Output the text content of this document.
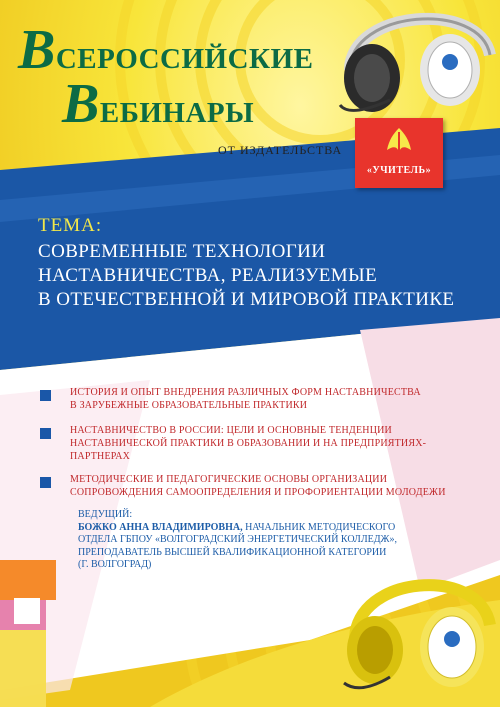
ВСЕРОССИЙСКИЕ
ВЕБИНАРЫ
ОТ ИЗДАТЕЛЬСТВА
«УЧИТЕЛЬ»
ТЕМА:
СОВРЕМЕННЫЕ ТЕХНОЛОГИИ
НАСТАВНИЧЕСТВА, РЕАЛИЗУЕМЫЕ
В ОТЕЧЕСТВЕННОЙ И МИРОВОЙ ПРАКТИКЕ
ИСТОРИЯ И ОПЫТ ВНЕДРЕНИЯ РАЗЛИЧНЫХ ФОРМ НАСТАВНИЧЕСТВА
В ЗАРУБЕЖНЫЕ ОБРАЗОВАТЕЛЬНЫЕ ПРАКТИКИ
НАСТАВНИЧЕСТВО В РОССИИ: ЦЕЛИ И ОСНОВНЫЕ ТЕНДЕНЦИИ
НАСТАВНИЧЕСКОЙ ПРАКТИКИ В ОБРАЗОВАНИИ И НА ПРЕДПРИЯТИЯХ-
ПАРТНЕРАХ
МЕТОДИЧЕСКИЕ И ПЕДАГОГИЧЕСКИЕ ОСНОВЫ ОРГАНИЗАЦИИ
СОПРОВОЖДЕНИЯ САМООПРЕДЕЛЕНИЯ И ПРОФОРИЕНТАЦИИ МОЛОДЕЖИ
ВЕДУЩИЙ:
БОЖКО АННА ВЛАДИМИРОВНА, НАЧАЛЬНИК МЕТОДИЧЕСКОГО
ОТДЕЛА ГБПОУ «ВОЛГОГРАДСКИЙ ЭНЕРГЕТИЧЕСКИЙ КОЛЛЕДЖ»,
ПРЕПОДАВАТЕЛЬ ВЫСШЕЙ КВАЛИФИКАЦИОННОЙ КАТЕГОРИИ
(Г. ВОЛГОГРАД)
